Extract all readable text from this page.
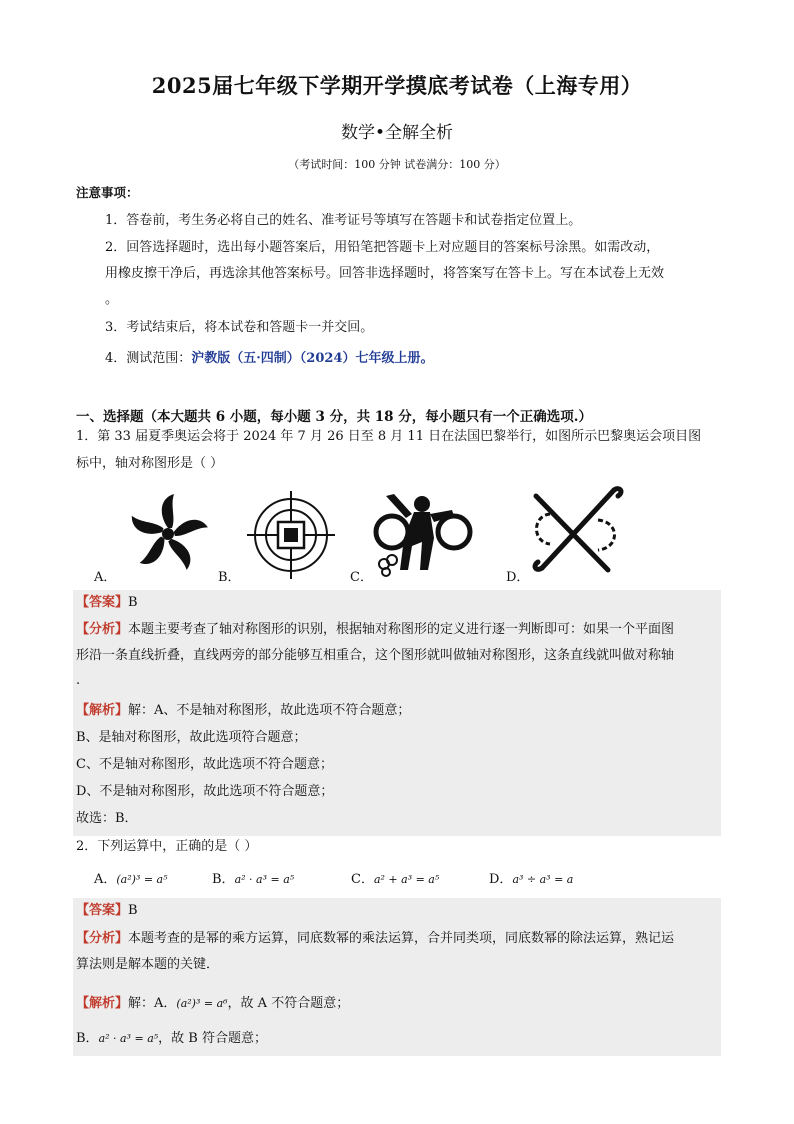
2025届七年级下学期开学摸底考试卷（上海专用）
数学•全解全析
（考试时间：100 分钟 试卷满分：100 分）
注意事项：
1．答卷前，考生务必将自己的姓名、准考证号等填写在答题卡和试卷指定位置上。
2．回答选择题时，选出每小题答案后，用铅笔把答题卡上对应题目的答案标号涂黑。如需改动，
用橡皮擦干净后，再选涂其他答案标号。回答非选择题时，将答案写在答卡上。写在本试卷上无效
。
3．考试结束后，将本试卷和答题卡一并交回。
4．测试范围：沪教版（五·四制）（2024）七年级上册。
一、选择题（本大题共 6 小题，每小题 3 分，共 18 分，每小题只有一个正确选项.）
1．第 33 届夏季奥运会将于 2024 年 7 月 26 日至 8 月 11 日在法国巴黎举行，如图所示巴黎奥运会项目图
标中，轴对称图形是（ ）
A．	B．	C．	D．
【答案】B
【分析】本题主要考查了轴对称图形的识别，根据轴对称图形的定义进行逐一判断即可：如果一个平面图
形沿一条直线折叠，直线两旁的部分能够互相重合，这个图形就叫做轴对称图形，这条直线就叫做对称轴
.
【解析】解：A、不是轴对称图形，故此选项不符合题意；
B、是轴对称图形，故此选项符合题意；
C、不是轴对称图形，故此选项不符合题意；
D、不是轴对称图形，故此选项不符合题意；
故选：B．
2．下列运算中，正确的是（ ）
A．(a²)³ = a⁵	B．a² · a³ = a⁵	C．a² + a³ = a⁵	D．a³ ÷ a³ = a
【答案】B
【分析】本题考查的是幂的乘方运算，同底数幂的乘法运算，合并同类项，同底数幂的除法运算，熟记运
算法则是解本题的关键．
【解析】解：A．(a²)³ = a⁶，故 A 不符合题意；
B．a² · a³ = a⁵，故 B 符合题意；
